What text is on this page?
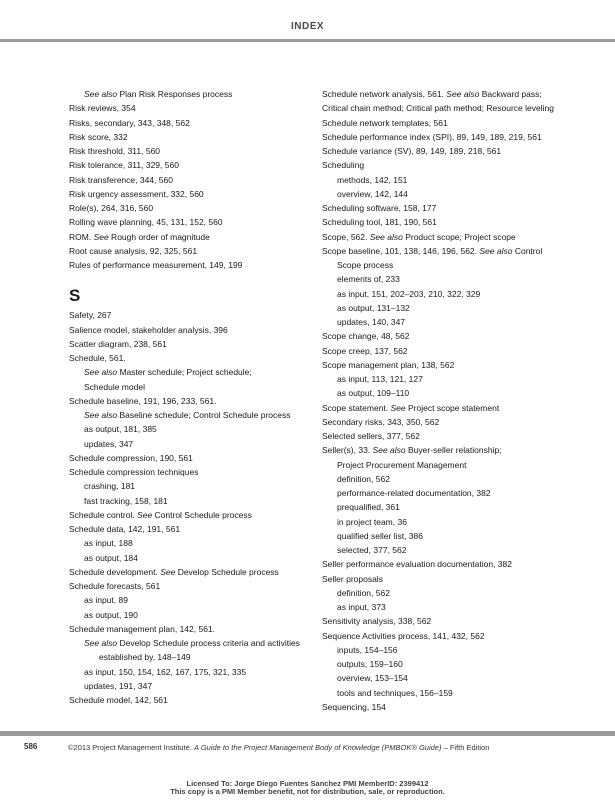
INDEX
See also Plan Risk Responses process
Risk reviews, 354
Risks, secondary, 343, 348, 562
Risk score, 332
Risk threshold, 311, 560
Risk tolerance, 311, 329, 560
Risk transference, 344, 560
Risk urgency assessment, 332, 560
Role(s), 264, 316, 560
Rolling wave planning, 45, 131, 152, 560
ROM. See Rough order of magnitude
Root cause analysis, 92, 325, 561
Rules of performance measurement, 149, 199
S
Safety, 267
Salience model, stakeholder analysis, 396
Scatter diagram, 238, 561
Schedule, 561.
See also Master schedule; Project schedule;
Schedule model
Schedule baseline, 191, 196, 233, 561.
See also Baseline schedule; Control Schedule process
as output, 181, 385
updates, 347
Schedule compression, 190, 561
Schedule compression techniques
crashing, 181
fast tracking, 158, 181
Schedule control. See Control Schedule process
Schedule data, 142, 191, 561
as input, 188
as output, 184
Schedule development. See Develop Schedule process
Schedule forecasts, 561
as input, 89
as output, 190
Schedule management plan, 142, 561.
See also Develop Schedule process criteria and activities
established by, 148–149
as input, 150, 154, 162, 167, 175, 321, 335
updates, 191, 347
Schedule model, 142, 561
Schedule network analysis, 561. See also Backward pass;
Critical chain method; Critical path method; Resource leveling
Schedule network templates, 561
Schedule performance index (SPI), 89, 149, 189, 219, 561
Schedule variance (SV), 89, 149, 189, 218, 561
Scheduling
methods, 142, 151
overview, 142, 144
Scheduling software, 158, 177
Scheduling tool, 181, 190, 561
Scope, 562. See also Product scope; Project scope
Scope baseline, 101, 138, 146, 196, 562. See also Control
Scope process
elements of, 233
as input, 151, 202–203, 210, 322, 329
as output, 131–132
updates, 140, 347
Scope change, 48, 562
Scope creep, 137, 562
Scope management plan, 138, 562
as input, 113, 121, 127
as output, 109–110
Scope statement. See Project scope statement
Secondary risks, 343, 350, 562
Selected sellers, 377, 562
Seller(s), 33. See also Buyer-seller relationship;
Project Procurement Management
definition, 562
performance-related documentation, 382
prequalified, 361
in project team, 36
qualified seller list, 386
selected, 377, 562
Seller performance evaluation documentation, 382
Seller proposals
definition, 562
as input, 373
Sensitivity analysis, 338, 562
Sequence Activities process, 141, 432, 562
inputs, 154–156
outputs, 159–160
overview, 153–154
tools and techniques, 156–159
Sequencing, 154
586	©2013 Project Management Institute. A Guide to the Project Management Body of Knowledge (PMBOK® Guide) – Fifth Edition
Licensed To: Jorge Diego Fuentes Sanchez PMI MemberID: 2399412
This copy is a PMI Member benefit, not for distribution, sale, or reproduction.
